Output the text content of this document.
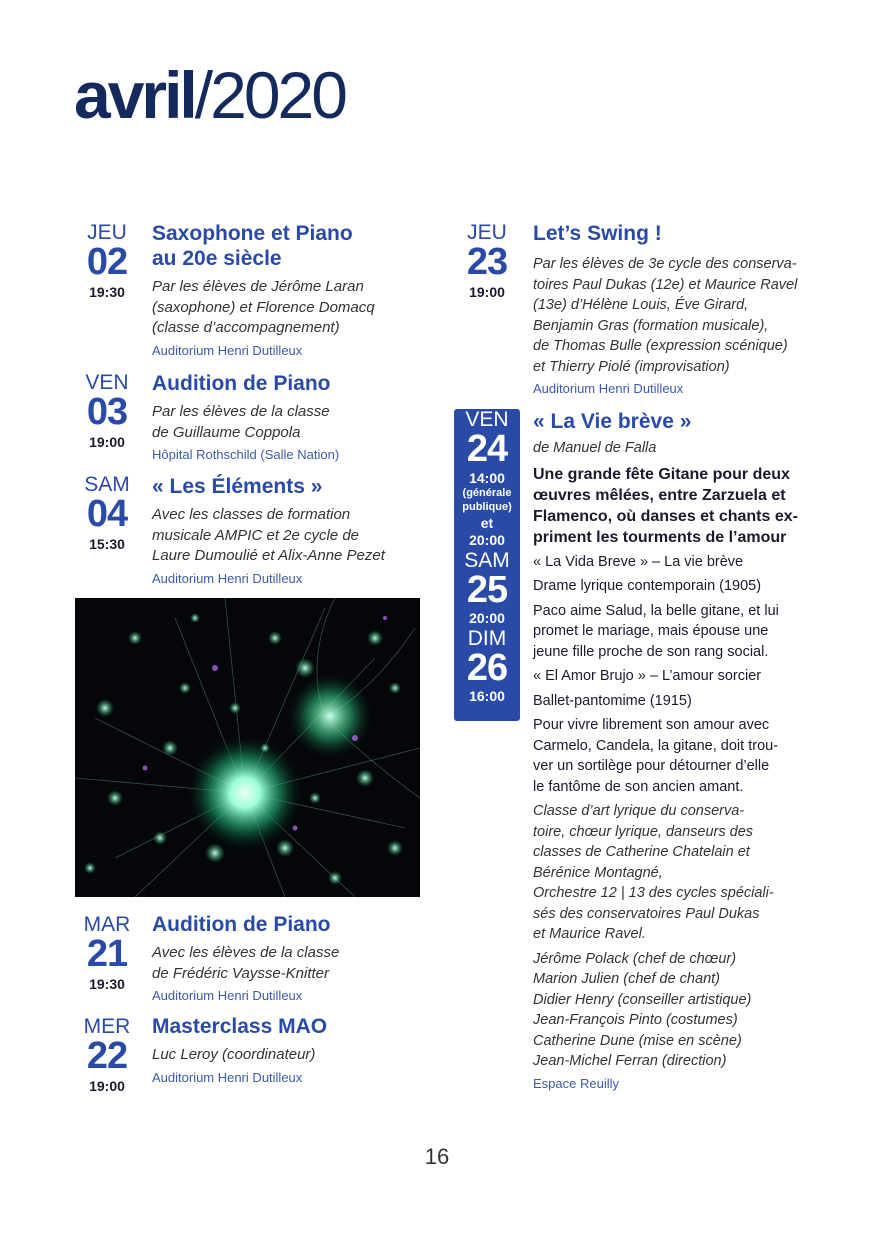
avril/2020
JEU
02
19:30
Saxophone et Piano
au 20e siècle
Par les élèves de Jérôme Laran
(saxophone) et Florence Domacq
(classe d’accompagnement)
Auditorium Henri Dutilleux
VEN
03
19:00
Audition de Piano
Par les élèves de la classe
de Guillaume Coppola
Hôpital Rothschild (Salle Nation)
SAM
04
15:30
« Les Éléments »
Avec les classes de formation
musicale AMPIC et 2e cycle de
Laure Dumoulié et Alix-Anne Pezet
Auditorium Henri Dutilleux
MAR
21
19:30
Audition de Piano
Avec les élèves de la classe
de Frédéric Vaysse-Knitter
Auditorium Henri Dutilleux
MER
22
19:00
Masterclass MAO
Luc Leroy (coordinateur)
Auditorium Henri Dutilleux
JEU
23
19:00
Let’s Swing !
Par les élèves de 3e cycle des conserva-
toires Paul Dukas (12e) et Maurice Ravel
(13e) d’Hélène Louis, Éve Girard,
Benjamin Gras (formation musicale),
de Thomas Bulle (expression scénique)
et Thierry Piolé (improvisation)
Auditorium Henri Dutilleux
VEN
24
14:00
(générale
publique)
et
20:00
SAM
25
20:00
DIM
26
16:00
« La Vie brève »
de Manuel de Falla
Une grande fête Gitane pour deux
œuvres mêlées, entre Zarzuela et
Flamenco, où danses et chants ex-
priment les tourments de l’amour
« La Vida Breve » – La vie brève
Drame lyrique contemporain (1905)
Paco aime Salud, la belle gitane, et lui
promet le mariage, mais épouse une
jeune fille proche de son rang social.
« El Amor Brujo » – L’amour sorcier
Ballet-pantomime (1915)
Pour vivre librement son amour avec
Carmelo, Candela, la gitane, doit trou-
ver un sortilège pour détourner d’elle
le fantôme de son ancien amant.
Classe d’art lyrique du conserva-
toire, chœur lyrique, danseurs des
classes de Catherine Chatelain et
Bérénice Montagné,
Orchestre 12 | 13 des cycles spéciali-
sés des conservatoires Paul Dukas
et Maurice Ravel.
Jérôme Polack (chef de chœur)
Marion Julien (chef de chant)
Didier Henry (conseiller artistique)
Jean-François Pinto (costumes)
Catherine Dune (mise en scène)
Jean-Michel Ferran (direction)
Espace Reuilly
16
